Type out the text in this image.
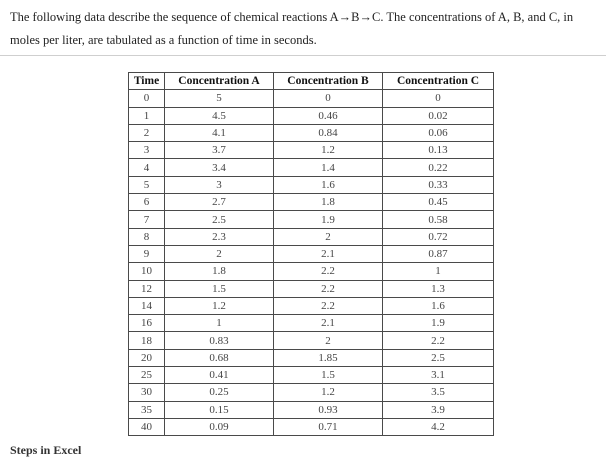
The following data describe the sequence of chemical reactions A→B→C. The concentrations of A, B, and C, in moles per liter, are tabulated as a function of time in seconds.

Time	Concentration A	Concentration B	Concentration C
0	5	0	0
1	4.5	0.46	0.02
2	4.1	0.84	0.06
3	3.7	1.2	0.13
4	3.4	1.4	0.22
5	3	1.6	0.33
6	2.7	1.8	0.45
7	2.5	1.9	0.58
8	2.3	2	0.72
9	2	2.1	0.87
10	1.8	2.2	1
12	1.5	2.2	1.3
14	1.2	2.2	1.6
16	1	2.1	1.9
18	0.83	2	2.2
20	0.68	1.85	2.5
25	0.41	1.5	3.1
30	0.25	1.2	3.5
35	0.15	0.93	3.9
40	0.09	0.71	4.2
Steps in Excel
